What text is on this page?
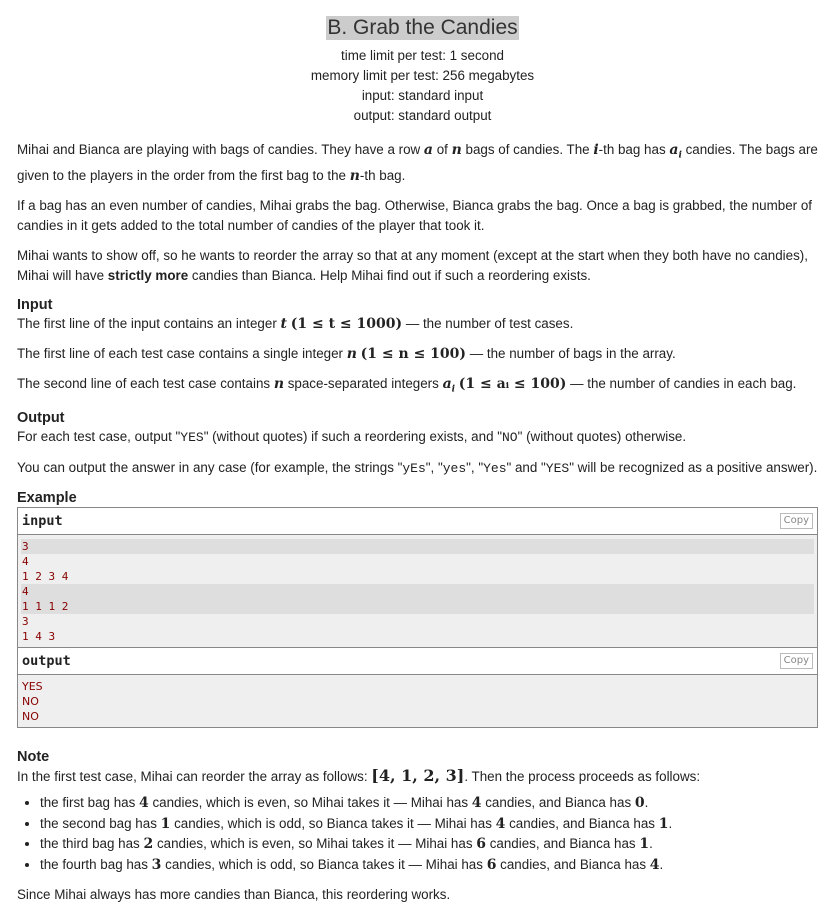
B. Grab the Candies
time limit per test: 1 second
memory limit per test: 256 megabytes
input: standard input
output: standard output

Mihai and Bianca are playing with bags of candies. They have a row a of n bags of candies. The i-th bag has $a_i$ candies. The bags are given to the players in the order from the first bag to the n-th bag.

If a bag has an even number of candies, Mihai grabs the bag. Otherwise, Bianca grabs the bag. Once a bag is grabbed, the number of candies in it gets added to the total number of candies of the player that took it.

Mihai wants to show off, so he wants to reorder the array so that at any moment (except at the start when they both have no candies), Mihai will have strictly more candies than Bianca. Help Mihai find out if such a reordering exists.

Input

The first line of the input contains an integer t (1 ≤ t ≤ 1000) — the number of test cases.

The first line of each test case contains a single integer n (1 ≤ n ≤ 100) — the number of bags in the array.

The second line of each test case contains n space-separated integers $a_i$ (1 ≤ aᵢ ≤ 100) — the number of candies in each bag.

Output

For each test case, output "YES" (without quotes) if such a reordering exists, and "NO" (without quotes) otherwise.

You can output the answer in any case (for example, the strings "yEs", "yes", "Yes" and "YES" will be recognized as a positive answer).

Example
input	Copy
3
4
1 2 3 4
4
1 1 1 2
3
1 4 3
output	Copy
YES
NO
NO
Note

In the first test case, Mihai can reorder the array as follows: [4, 1, 2, 3]. Then the process proceeds as follows:

• the first bag has 4 candies, which is even, so Mihai takes it — Mihai has 4 candies, and Bianca has 0.
• the second bag has 1 candies, which is odd, so Bianca takes it — Mihai has 4 candies, and Bianca has 1.
• the third bag has 2 candies, which is even, so Mihai takes it — Mihai has 6 candies, and Bianca has 1.
• the fourth bag has 3 candies, which is odd, so Bianca takes it — Mihai has 6 candies, and Bianca has 4.

Since Mihai always has more candies than Bianca, this reordering works.
